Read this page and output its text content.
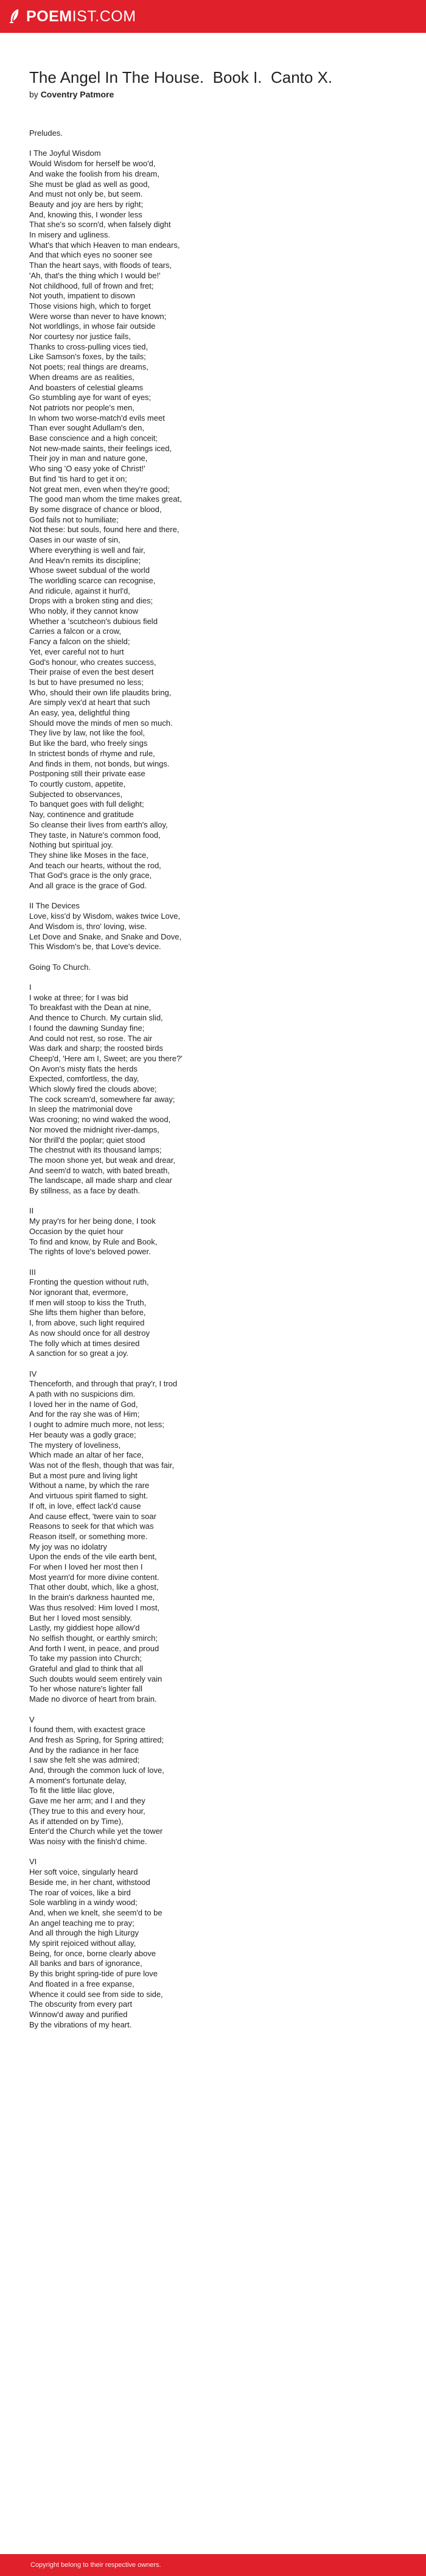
POEM IST.COM
The Angel In The House.  Book I.  Canto X.
by Coventry Patmore
Preludes.
I The Joyful Wisdom
Would Wisdom for herself be woo'd,
And wake the foolish from his dream,
She must be glad as well as good,
And must not only be, but seem.
Beauty and joy are hers by right;
And, knowing this, I wonder less
That she's so scorn'd, when falsely dight
In misery and ugliness.
What's that which Heaven to man endears,
And that which eyes no sooner see
Than the heart says, with floods of tears,
'Ah, that's the thing which I would be!'
Not childhood, full of frown and fret;
Not youth, impatient to disown
Those visions high, which to forget
Were worse than never to have known;
Not worldlings, in whose fair outside
Nor courtesy nor justice fails,
Thanks to cross-pulling vices tied,
Like Samson's foxes, by the tails;
Not poets; real things are dreams,
When dreams are as realities,
And boasters of celestial gleams
Go stumbling aye for want of eyes;
Not patriots nor people's men,
In whom two worse-match'd evils meet
Than ever sought Adullam's den,
Base conscience and a high conceit;
Not new-made saints, their feelings iced,
Their joy in man and nature gone,
Who sing 'O easy yoke of Christ!'
But find 'tis hard to get it on;
Not great men, even when they're good;
The good man whom the time makes great,
By some disgrace of chance or blood,
God fails not to humiliate;
Not these: but souls, found here and there,
Oases in our waste of sin,
Where everything is well and fair,
And Heav'n remits its discipline;
Whose sweet subdual of the world
The worldling scarce can recognise,
And ridicule, against it hurl'd,
Drops with a broken sting and dies;
Who nobly, if they cannot know
Whether a 'scutcheon's dubious field
Carries a falcon or a crow,
Fancy a falcon on the shield;
Yet, ever careful not to hurt
God's honour, who creates success,
Their praise of even the best desert
Is but to have presumed no less;
Who, should their own life plaudits bring,
Are simply vex'd at heart that such
An easy, yea, delightful thing
Should move the minds of men so much.
They live by law, not like the fool,
But like the bard, who freely sings
In strictest bonds of rhyme and rule,
And finds in them, not bonds, but wings.
Postponing still their private ease
To courtly custom, appetite,
Subjected to observances,
To banquet goes with full delight;
Nay, continence and gratitude
So cleanse their lives from earth's alloy,
They taste, in Nature's common food,
Nothing but spiritual joy.
They shine like Moses in the face,
And teach our hearts, without the rod,
That God's grace is the only grace,
And all grace is the grace of God.
II The Devices
Love, kiss'd by Wisdom, wakes twice Love,
And Wisdom is, thro' loving, wise.
Let Dove and Snake, and Snake and Dove,
This Wisdom's be, that Love's device.
Going To Church.
I
I woke at three; for I was bid
To breakfast with the Dean at nine,
And thence to Church. My curtain slid,
I found the dawning Sunday fine;
And could not rest, so rose. The air
Was dark and sharp; the roosted birds
Cheep'd, 'Here am I, Sweet; are you there?'
On Avon's misty flats the herds
Expected, comfortless, the day,
Which slowly fired the clouds above;
The cock scream'd, somewhere far away;
In sleep the matrimonial dove
Was crooning; no wind waked the wood,
Nor moved the midnight river-damps,
Nor thrill'd the poplar; quiet stood
The chestnut with its thousand lamps;
The moon shone yet, but weak and drear,
And seem'd to watch, with bated breath,
The landscape, all made sharp and clear
By stillness, as a face by death.
II
My pray'rs for her being done, I took
Occasion by the quiet hour
To find and know, by Rule and Book,
The rights of love's beloved power.
III
Fronting the question without ruth,
Nor ignorant that, evermore,
If men will stoop to kiss the Truth,
She lifts them higher than before,
I, from above, such light required
As now should once for all destroy
The folly which at times desired
A sanction for so great a joy.
IV
Thenceforth, and through that pray'r, I trod
A path with no suspicions dim.
I loved her in the name of God,
And for the ray she was of Him;
I ought to admire much more, not less;
Her beauty was a godly grace;
The mystery of loveliness,
Which made an altar of her face,
Was not of the flesh, though that was fair,
But a most pure and living light
Without a name, by which the rare
And virtuous spirit flamed to sight.
If oft, in love, effect lack'd cause
And cause effect, 'twere vain to soar
Reasons to seek for that which was
Reason itself, or something more.
My joy was no idolatry
Upon the ends of the vile earth bent,
For when I loved her most then I
Most yearn'd for more divine content.
That other doubt, which, like a ghost,
In the brain's darkness haunted me,
Was thus resolved: Him loved I most,
But her I loved most sensibly.
Lastly, my giddiest hope allow'd
No selfish thought, or earthly smirch;
And forth I went, in peace, and proud
To take my passion into Church;
Grateful and glad to think that all
Such doubts would seem entirely vain
To her whose nature's lighter fall
Made no divorce of heart from brain.
V
I found them, with exactest grace
And fresh as Spring, for Spring attired;
And by the radiance in her face
I saw she felt she was admired;
And, through the common luck of love,
A moment's fortunate delay,
To fit the little lilac glove,
Gave me her arm; and I and they
(They true to this and every hour,
As if attended on by Time),
Enter'd the Church while yet the tower
Was noisy with the finish'd chime.
VI
Her soft voice, singularly heard
Beside me, in her chant, withstood
The roar of voices, like a bird
Sole warbling in a windy wood;
And, when we knelt, she seem'd to be
An angel teaching me to pray;
And all through the high Liturgy
My spirit rejoiced without allay,
Being, for once, borne clearly above
All banks and bars of ignorance,
By this bright spring-tide of pure love
And floated in a free expanse,
Whence it could see from side to side,
The obscurity from every part
Winnow'd away and purified
By the vibrations of my heart.
Copyright belong to their respective owners.
